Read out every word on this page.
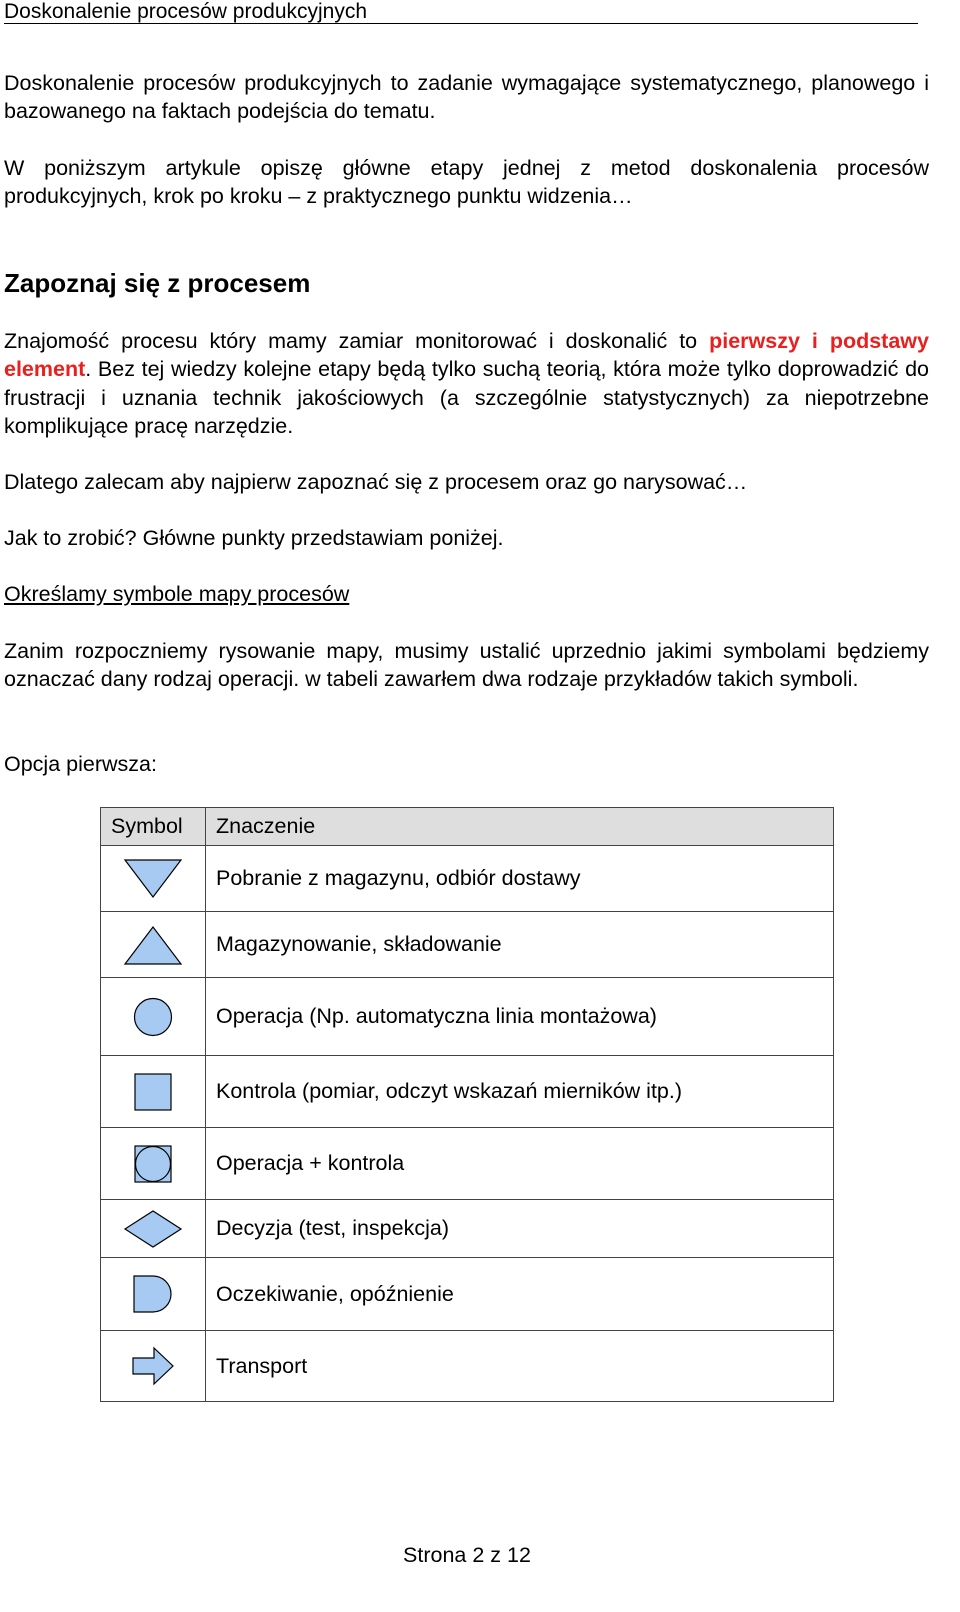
Doskonalenie procesów produkcyjnych

Doskonalenie procesów produkcyjnych to zadanie wymagające systematycznego, planowego i bazowanego na faktach podejścia do tematu.

W poniższym artykule opiszę główne etapy jednej z metod doskonalenia procesów produkcyjnych, krok po kroku – z praktycznego punktu widzenia…

Zapoznaj się z procesem

Znajomość procesu który mamy zamiar monitorować i doskonalić to pierwszy i podstawy element. Bez tej wiedzy kolejne etapy będą tylko suchą teorią, która może tylko doprowadzić do frustracji i uznania technik jakościowych (a szczególnie statystycznych) za niepotrzebne komplikujące pracę narzędzie.

Dlatego zalecam aby najpierw zapoznać się z procesem oraz go narysować…

Jak to zrobić? Główne punkty przedstawiam poniżej.

Określamy symbole mapy procesów

Zanim rozpoczniemy rysowanie mapy, musimy ustalić uprzednio jakimi symbolami będziemy oznaczać dany rodzaj operacji. w tabeli zawarłem dwa rodzaje przykładów takich symboli.

Opcja pierwsza:

Symbol	Znaczenie

	Pobranie z magazynu, odbiór dostawy

	Magazynowanie, składowanie

	Operacja (Np. automatyczna linia montażowa)

	Kontrola (pomiar, odczyt wskazań mierników itp.)

	Operacja + kontrola

	Decyzja (test, inspekcja)

	Oczekiwanie, opóźnienie

	Transport
Strona 2 z 12
